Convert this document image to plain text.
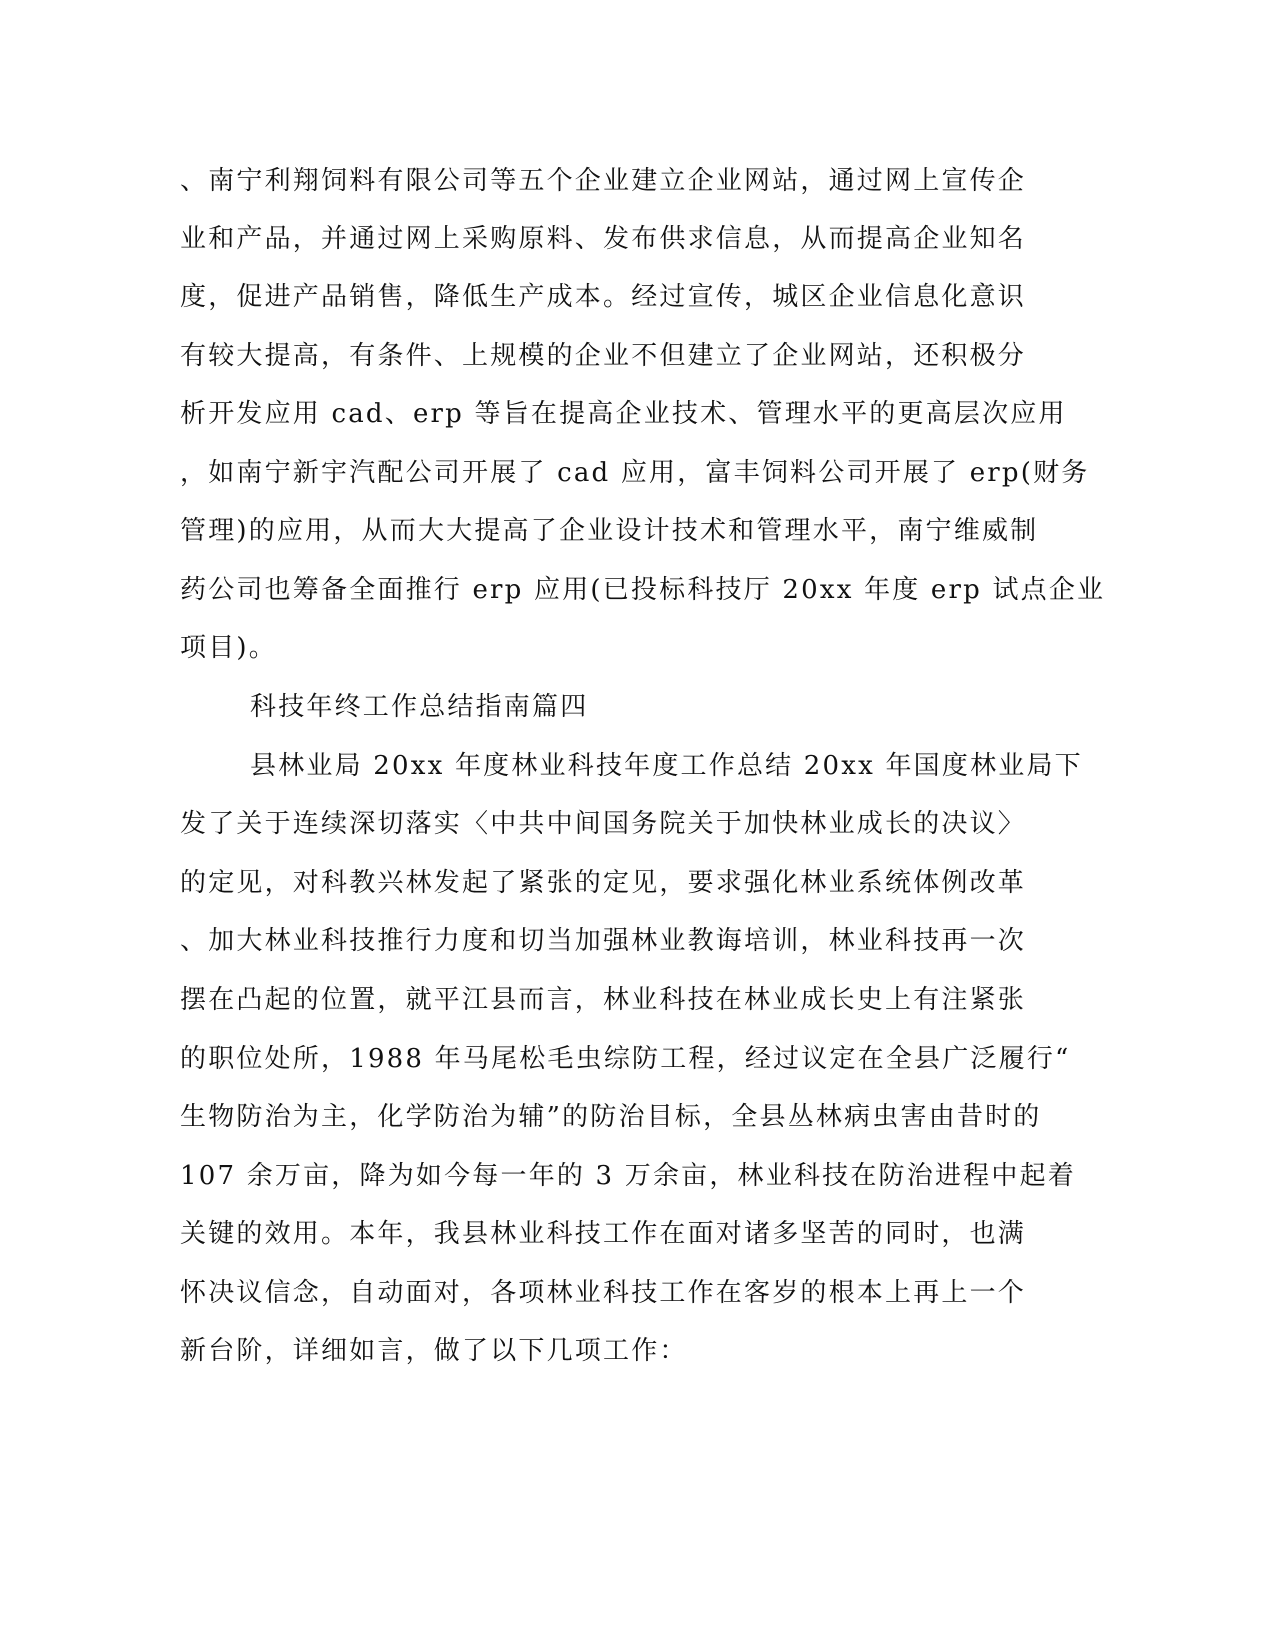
、南宁利翔饲料有限公司等五个企业建立企业网站，通过网上宣传企
业和产品，并通过网上采购原料、发布供求信息，从而提高企业知名
度，促进产品销售，降低生产成本。经过宣传，城区企业信息化意识
有较大提高，有条件、上规模的企业不但建立了企业网站，还积极分
析开发应用 cad、erp 等旨在提高企业技术、管理水平的更高层次应用
，如南宁新宇汽配公司开展了 cad 应用，富丰饲料公司开展了 erp(财务
管理)的应用，从而大大提高了企业设计技术和管理水平，南宁维威制
药公司也筹备全面推行 erp 应用(已投标科技厅 20xx 年度 erp 试点企业
项目)。
科技年终工作总结指南篇四
县林业局 20xx 年度林业科技年度工作总结 20xx 年国度林业局下
发了关于连续深切落实〈中共中间国务院关于加快林业成长的决议〉
的定见，对科教兴林发起了紧张的定见，要求强化林业系统体例改革
、加大林业科技推行力度和切当加强林业教诲培训，林业科技再一次
摆在凸起的位置，就平江县而言，林业科技在林业成长史上有注紧张
的职位处所，1988 年马尾松毛虫综防工程，经过议定在全县广泛履行“
生物防治为主，化学防治为辅”的防治目标，全县丛林病虫害由昔时的
107 余万亩，降为如今每一年的 3 万余亩，林业科技在防治进程中起着
关键的效用。本年，我县林业科技工作在面对诸多坚苦的同时，也满
怀决议信念，自动面对，各项林业科技工作在客岁的根本上再上一个
新台阶，详细如言，做了以下几项工作：
